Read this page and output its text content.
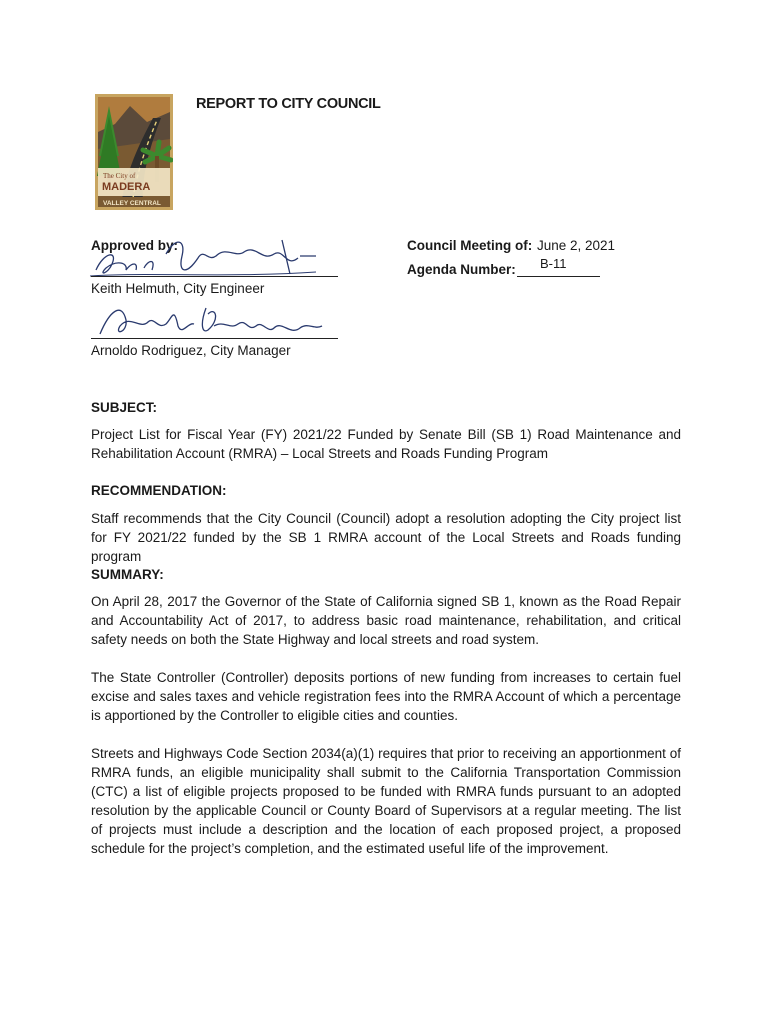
The City of
MADERA
VALLEY CENTRAL
REPORT TO CITY COUNCIL
Approved by:
Keith Helmuth, City Engineer
Arnoldo Rodriguez, City Manager
Council Meeting of: June 2, 2021
Agenda Number: B-11
SUBJECT:

Project List for Fiscal Year (FY) 2021/22 Funded by Senate Bill (SB 1) Road Maintenance and Rehabilitation Account (RMRA) – Local Streets and Roads Funding Program

RECOMMENDATION:

Staff recommends that the City Council (Council) adopt a resolution adopting the City project list for FY 2021/22 funded by the SB 1 RMRA account of the Local Streets and Roads funding program

SUMMARY:

On April 28, 2017 the Governor of the State of California signed SB 1, known as the Road Repair and Accountability Act of 2017, to address basic road maintenance, rehabilitation, and critical safety needs on both the State Highway and local streets and road system.

The State Controller (Controller) deposits portions of new funding from increases to certain fuel excise and sales taxes and vehicle registration fees into the RMRA Account of which a percentage is apportioned by the Controller to eligible cities and counties.

Streets and Highways Code Section 2034(a)(1) requires that prior to receiving an apportionment of RMRA funds, an eligible municipality shall submit to the California Transportation Commission (CTC) a list of eligible projects proposed to be funded with RMRA funds pursuant to an adopted resolution by the applicable Council or County Board of Supervisors at a regular meeting. The list of projects must include a description and the location of each proposed project, a proposed schedule for the project’s completion, and the estimated useful life of the improvement.
